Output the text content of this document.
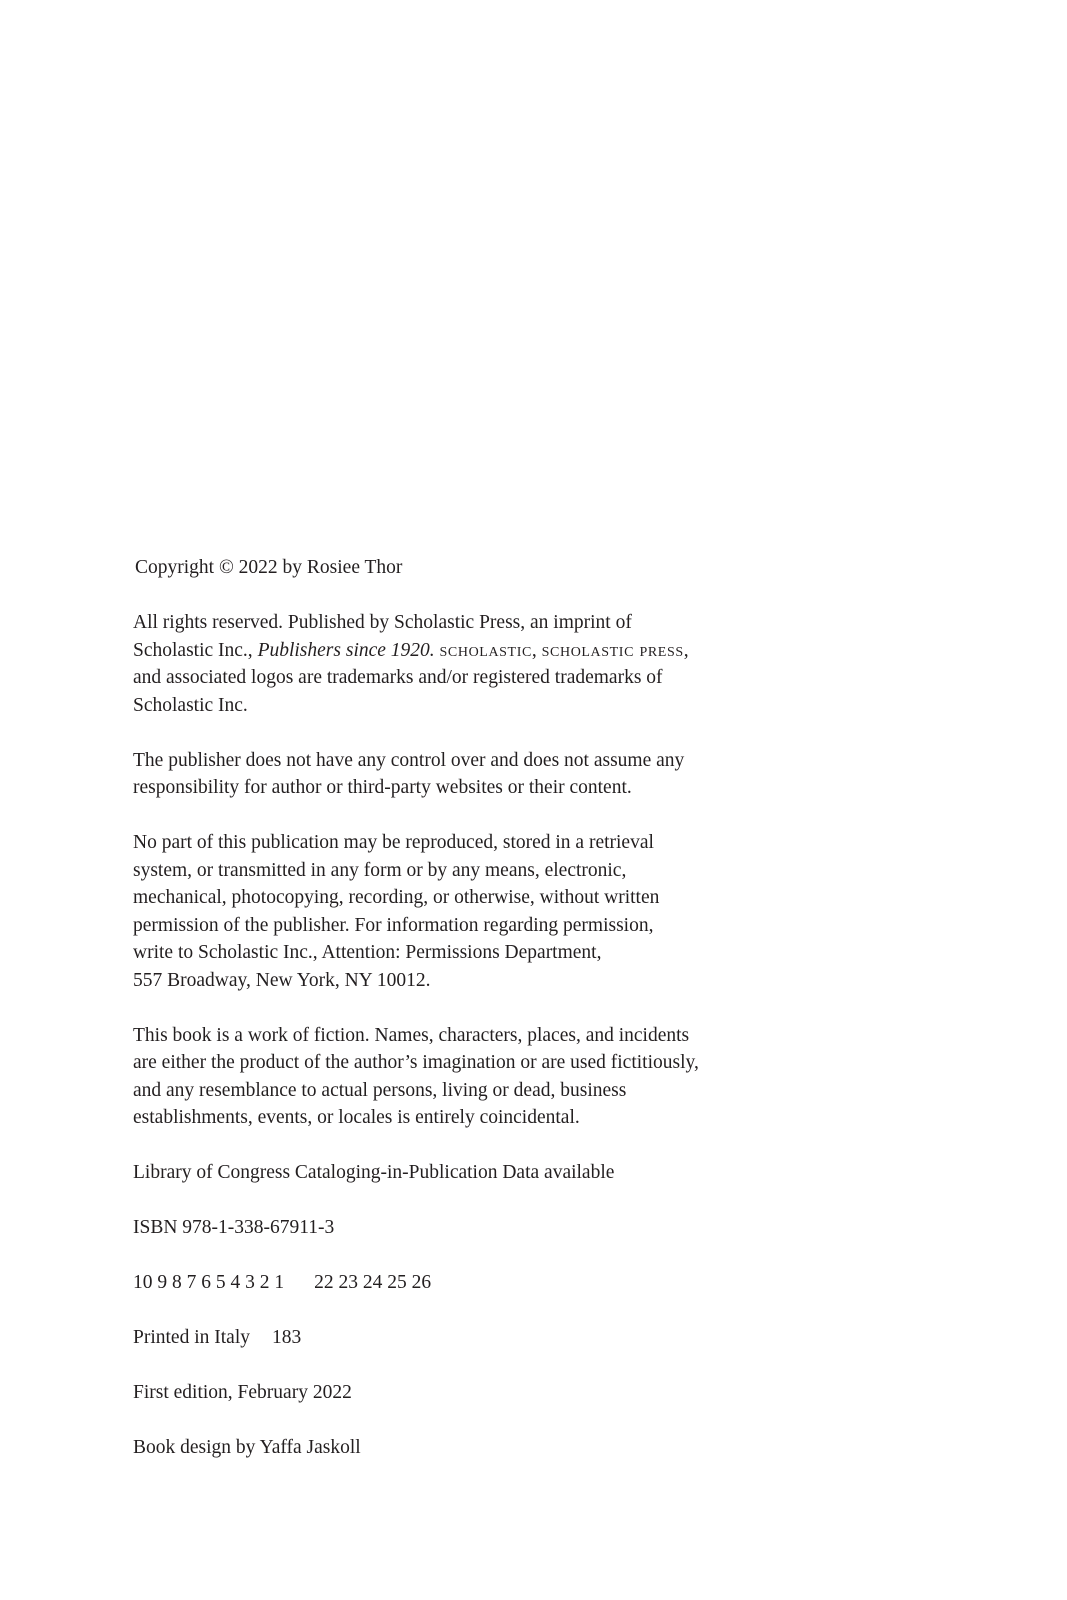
Copyright © 2022 by Rosiee Thor

All rights reserved. Published by Scholastic Press, an imprint of
Scholastic Inc., Publishers since 1920. scholastic, scholastic press,
and associated logos are trademarks and/or registered trademarks of
Scholastic Inc.

The publisher does not have any control over and does not assume any
responsibility for author or third-party websites or their content.

No part of this publication may be reproduced, stored in a retrieval
system, or transmitted in any form or by any means, electronic,
mechanical, photocopying, recording, or otherwise, without written
permission of the publisher. For information regarding permission,
write to Scholastic Inc., Attention: Permissions Department,
557 Broadway, New York, NY 10012.

This book is a work of fiction. Names, characters, places, and incidents
are either the product of the author’s imagination or are used fictitiously,
and any resemblance to actual persons, living or dead, business
establishments, events, or locales is entirely coincidental.

Library of Congress Cataloging-in-Publication Data available

ISBN 978-1-338-67911-3

10 9 8 7 6 5 4 3 2 1 22 23 24 25 26

Printed in Italy 183

First edition, February 2022

Book design by Yaffa Jaskoll
